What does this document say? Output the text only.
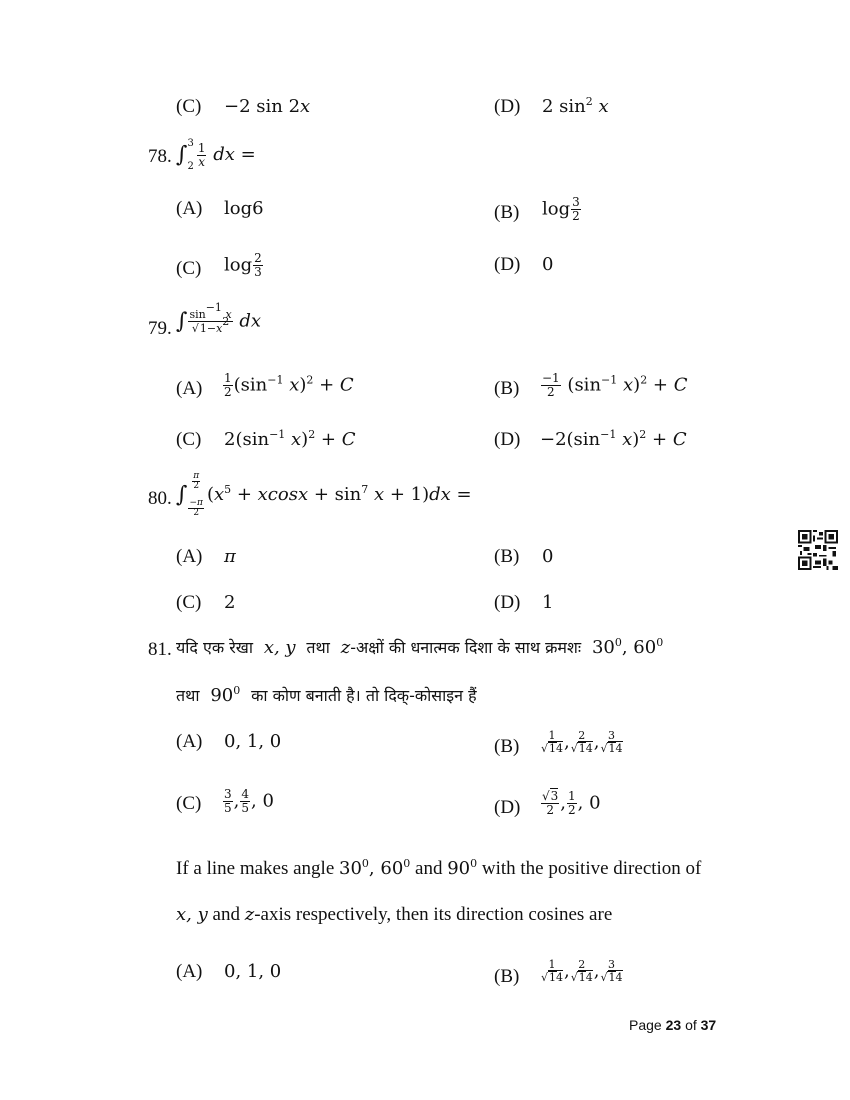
(C) −2 sin 2x	(D) 2 $\sin^2 x$
78. ∫ 3
$2 \frac{1}{x}$ dx =
(A) log6	(B) $\log \frac{3}{2}$
(C) $\log \frac{2}{3}$	(D) 0
79. ∫ $\frac{\sin^{-1} x}{√1-x^2}$ dx
$(A) \frac{1}{2} (\sin^{-1}$ x)$^2$ + C	$(B) \frac{-1}{2} (\sin^{-1}$ x)$^2$ + C
(C) $2(\sin^{-1}$ x)$^2$ + C	$(D) -2(\sin^{-1}$ x)$^2$ + C
80. ∫
$\frac{\pi}{2}$
$\frac{-\pi}{2}$
$(x^5 + xcosx + \sin^7 x + 1)dx$ =
(A) π	(B) 0
(C) 2	(D) 1
81. यदि एक रेखा  x, y  तथा  z-अक्षों की धनात्मक दिशा के साथ क्रमशः  $30^0$, $60^0$
तथा  $90^0$ का कोण बनाती है। तो दिक्-कोसाइन हैं
(A) 0, 1, 0	$(B) \frac{1}{√14}$ , $\frac{2}{√14}$ , $\frac{3}{√14}$
$(C) \frac{3}{5}$ , $\frac{4}{5}$ , 0	$(D) \frac{√3}{2}$ , $\frac{1}{2}$ , 0
If a line makes angle $30^0$, $60^0$ and $90^0$ with the positive direction of
x, y and z-axis respectively, then its direction cosines are
(A) 0, 1, 0	$(B) \frac{1}{√14}$ , $\frac{2}{√14}$ , $\frac{3}{√14}$
Page 23 of 37
